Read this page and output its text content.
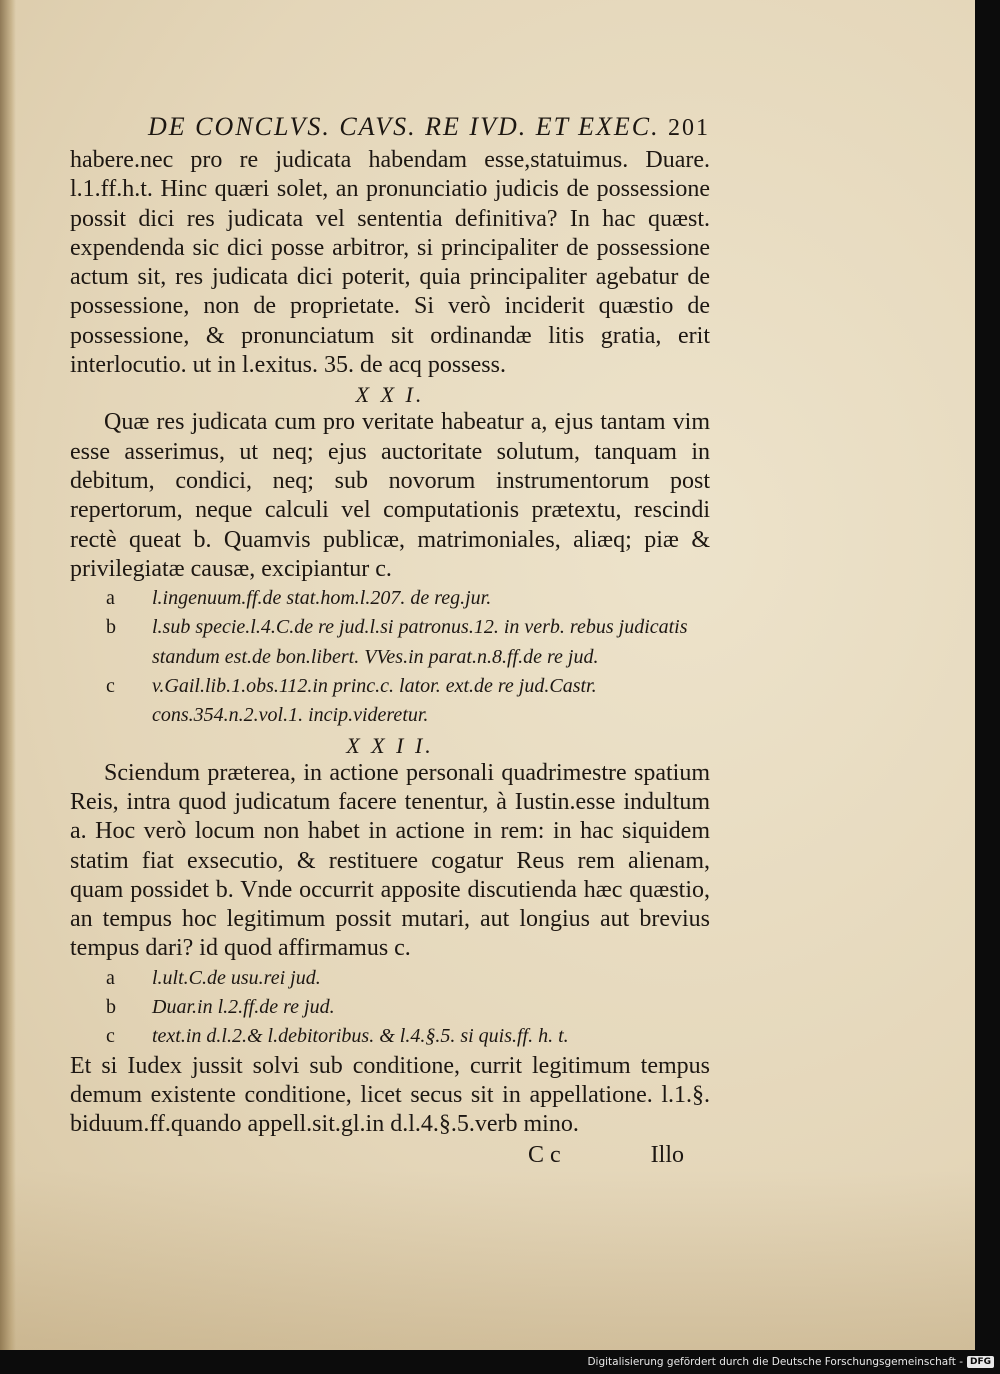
DE CONCLVS. CAVS. RE IVD. ET EXEC. 201

habere.nec pro re judicata habendam esse,statuimus. Duare. l.1.ff.h.t. Hinc quæri solet, an pronunciatio judicis de possessione possit dici res judicata vel sententia definitiva? In hac quæst. expendenda sic dici posse arbitror, si principaliter de possessione actum sit, res judicata dici poterit, quia principaliter agebatur de possessione, non de proprietate. Si verò inciderit quæstio de possessione, & pronunciatum sit ordinandæ litis gratia, erit interlocutio. ut in l.exitus. 35. de acq possess.

X X I.

Quæ res judicata cum pro veritate habeatur a, ejus tantam vim esse asserimus, ut neq; ejus auctoritate solutum, tanquam in debitum, condici, neq; sub novorum instrumentorum post repertorum, neque calculi vel computationis prætextu, rescindi rectè queat b. Quamvis publicæ, matrimoniales, aliæq; piæ & privilegiatæ causæ, excipiantur c.

a	l.ingenuum.ff.de stat.hom.l.207. de reg.jur.
b	l.sub specie.l.4.C.de re jud.l.si patronus.12. in verb. rebus judicatis standum est.de bon.libert. VVes.in parat.n.8.ff.de re jud.
c	v.Gail.lib.1.obs.112.in princ.c. lator. ext.de re jud.Castr. cons.354.n.2.vol.1. incip.videretur.
X X I I.

Sciendum præterea, in actione personali quadrimestre spatium Reis, intra quod judicatum facere tenentur, à Iustin.esse indultum a. Hoc verò locum non habet in actione in rem: in hac siquidem statim fiat exsecutio, & restituere cogatur Reus rem alienam, quam possidet b. Vnde occurrit apposite discutienda hæc quæstio, an tempus hoc legitimum possit mutari, aut longius aut brevius tempus dari? id quod affirmamus c.

a	l.ult.C.de usu.rei jud.
b	Duar.in l.2.ff.de re jud.
c	text.in d.l.2.& l.debitoribus. & l.4.§.5. si quis.ff. h. t.

Et si Iudex jussit solvi sub conditione, currit legitimum tempus demum existente conditione, licet secus sit in appellatione. l.1.§. biduum.ff.quando appell.sit.gl.in d.l.4.§.5.verb mino.

C c	Illo
Digitalisierung gefördert durch die Deutsche Forschungsgemeinschaft - DFG
